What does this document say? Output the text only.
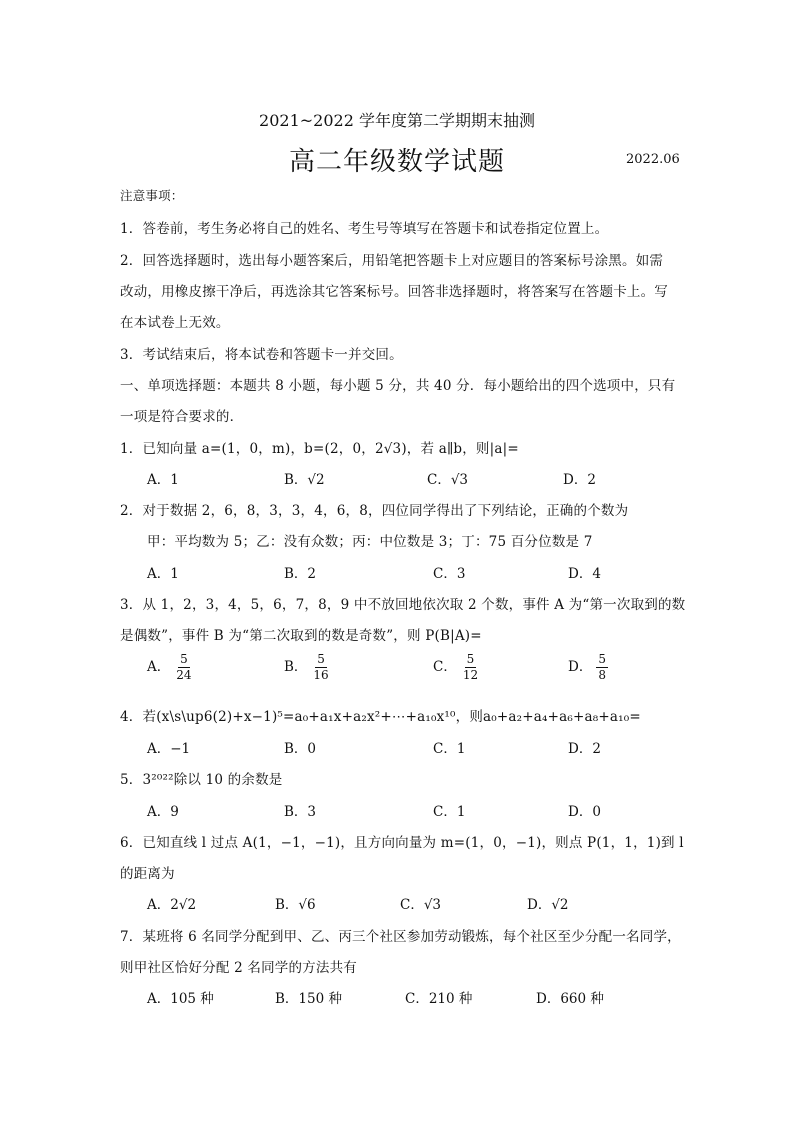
2021~2022 学年度第二学期期末抽测
高二年级数学试题	2022.06
注意事项：
1．答卷前，考生务必将自己的姓名、考生号等填写在答题卡和试卷指定位置上。
2．回答选择题时，选出每小题答案后，用铅笔把答题卡上对应题目的答案标号涂黑。如需
改动，用橡皮擦干净后，再选涂其它答案标号。回答非选择题时，将答案写在答题卡上。写
在本试卷上无效。
3．考试结束后，将本试卷和答题卡一并交回。
一、单项选择题：本题共 8 小题，每小题 5 分，共 40 分．每小题给出的四个选项中，只有
一项是符合要求的．
1．已知向量 a=(1，0，m)，b=(2，0，2√3)，若 a∥b，则|a|=
A．1	B．√2	C．√3	D．2
2．对于数据 2，6，8，3，3，4，6，8，四位同学得出了下列结论，正确的个数为
甲：平均数为 5；乙：没有众数；丙：中位数是 3；丁：75 百分位数是 7
A．1	B．2	C．3	D．4
3．从 1，2，3，4，5，6，7，8，9 中不放回地依次取 2 个数，事件 A 为“第一次取到的数
是偶数”，事件 B 为“第二次取到的数是奇数”，则 P(B|A)=
A． $\frac{5}{24}$	B． $\frac{5}{16}$	C． $\frac{5}{12}$	D． $\frac{5}{8}$
4．若(x\s\up6(2)+x−1)⁵=a₀+a₁x+a₂x²+⋯+a₁₀x¹⁰，则a₀+a₂+a₄+a₆+a₈+a₁₀=
A．−1	B．0	C．1	D．2
5．3²⁰²²除以 10 的余数是
A．9	B．3	C．1	D．0
6．已知直线 l 过点 A(1，−1，−1)，且方向向量为 m=(1，0，−1)，则点 P(1，1，1)到 l
的距离为
A．2√2	B．√6	C．√3	D．√2
7．某班将 6 名同学分配到甲、乙、丙三个社区参加劳动锻炼，每个社区至少分配一名同学，
则甲社区恰好分配 2 名同学的方法共有
A．105 种	B．150 种	C．210 种	D．660 种
